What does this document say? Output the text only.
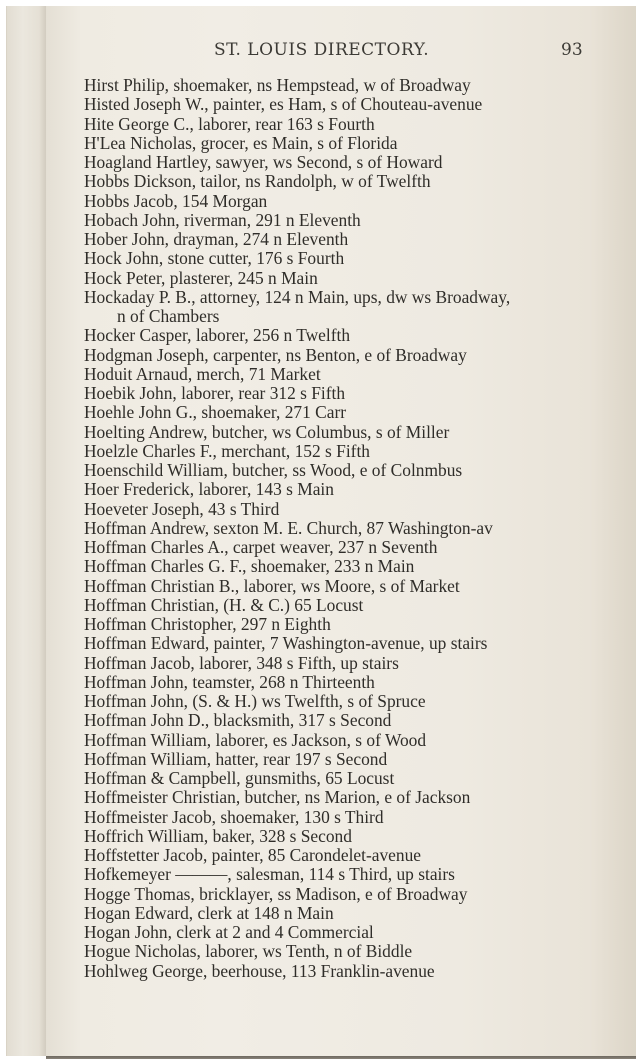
ST. LOUIS DIRECTORY.	93
Hirst Philip, shoemaker, ns Hempstead, w of Broadway
Histed Joseph W., painter, es Ham, s of Chouteau-avenue
Hite George C., laborer, rear 163 s Fourth
H'Lea Nicholas, grocer, es Main, s of Florida
Hoagland Hartley, sawyer, ws Second, s of Howard
Hobbs Dickson, tailor, ns Randolph, w of Twelfth
Hobbs Jacob, 154 Morgan
Hobach John, riverman, 291 n Eleventh
Hober John, drayman, 274 n Eleventh
Hock John, stone cutter, 176 s Fourth
Hock Peter, plasterer, 245 n Main
Hockaday P. B., attorney, 124 n Main, ups, dw ws Broadway,
n of Chambers
Hocker Casper, laborer, 256 n Twelfth
Hodgman Joseph, carpenter, ns Benton, e of Broadway
Hoduit Arnaud, merch, 71 Market
Hoebik John, laborer, rear 312 s Fifth
Hoehle John G., shoemaker, 271 Carr
Hoelting Andrew, butcher, ws Columbus, s of Miller
Hoelzle Charles F., merchant, 152 s Fifth
Hoenschild William, butcher, ss Wood, e of Colnmbus
Hoer Frederick, laborer, 143 s Main
Hoeveter Joseph, 43 s Third
Hoffman Andrew, sexton M. E. Church, 87 Washington-av
Hoffman Charles A., carpet weaver, 237 n Seventh
Hoffman Charles G. F., shoemaker, 233 n Main
Hoffman Christian B., laborer, ws Moore, s of Market
Hoffman Christian, (H. & C.) 65 Locust
Hoffman Christopher, 297 n Eighth
Hoffman Edward, painter, 7 Washington-avenue, up stairs
Hoffman Jacob, laborer, 348 s Fifth, up stairs
Hoffman John, teamster, 268 n Thirteenth
Hoffman John, (S. & H.) ws Twelfth, s of Spruce
Hoffman John D., blacksmith, 317 s Second
Hoffman William, laborer, es Jackson, s of Wood
Hoffman William, hatter, rear 197 s Second
Hoffman & Campbell, gunsmiths, 65 Locust
Hoffmeister Christian, butcher, ns Marion, e of Jackson
Hoffmeister Jacob, shoemaker, 130 s Third
Hoffrich William, baker, 328 s Second
Hoffstetter Jacob, painter, 85 Carondelet-avenue
Hofkemeyer ———, salesman, 114 s Third, up stairs
Hogge Thomas, bricklayer, ss Madison, e of Broadway
Hogan Edward, clerk at 148 n Main
Hogan John, clerk at 2 and 4 Commercial
Hogue Nicholas, laborer, ws Tenth, n of Biddle
Hohlweg George, beerhouse, 113 Franklin-avenue
